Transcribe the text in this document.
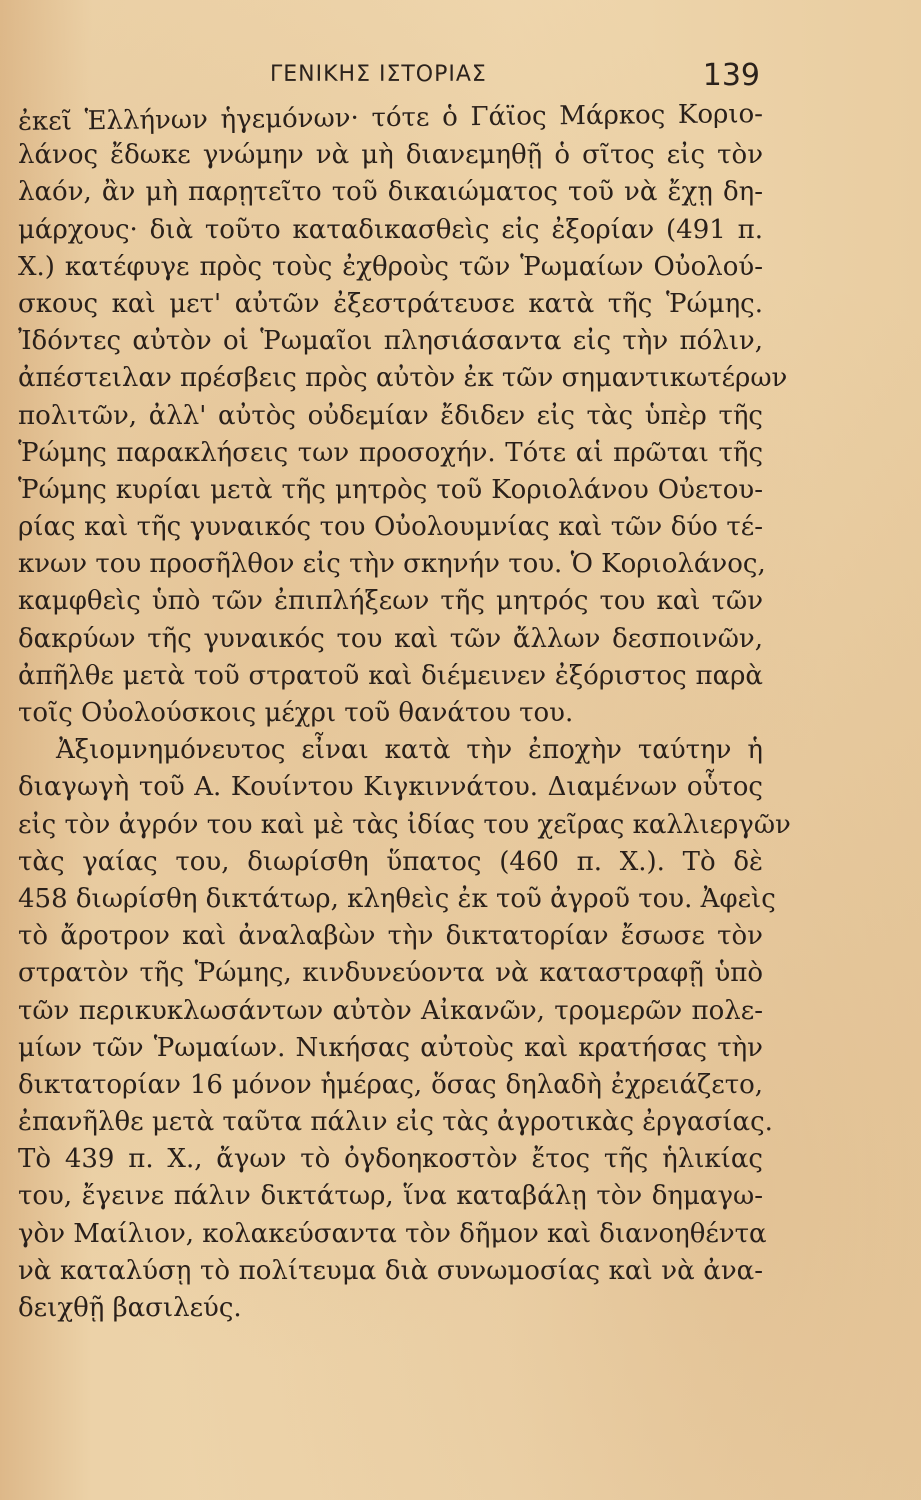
ΓΕΝΙΚΗΣ ΙΣΤΟΡΙΑΣ	139
ἐκεῖ Ἑλλήνων ἡγεμόνων· τότε ὁ Γάϊος Μάρκος Κοριο-
λάνος ἔδωκε γνώμην νὰ μὴ διανεμηθῇ ὁ σῖτος εἰς τὸν
λαόν, ἂν μὴ παρῃτεῖτο τοῦ δικαιώματος τοῦ νὰ ἔχῃ δη-
μάρχους· διὰ τοῦτο καταδικασθεὶς εἰς ἐξορίαν (491 π.
Χ.) κατέφυγε πρὸς τοὺς ἐχθροὺς τῶν Ῥωμαίων Οὐολού-
σκους καὶ μετ' αὐτῶν ἐξεστράτευσε κατὰ τῆς Ῥώμης.
Ἰδόντες αὐτὸν οἱ Ῥωμαῖοι πλησιάσαντα εἰς τὴν πόλιν,
ἀπέστειλαν πρέσβεις πρὸς αὐτὸν ἐκ τῶν σημαντικωτέρων
πολιτῶν, ἀλλ' αὐτὸς οὐδεμίαν ἔδιδεν εἰς τὰς ὑπὲρ τῆς
Ῥώμης παρακλήσεις των προσοχήν. Τότε αἱ πρῶται τῆς
Ῥώμης κυρίαι μετὰ τῆς μητρὸς τοῦ Κοριολάνου Οὐετου-
ρίας καὶ τῆς γυναικός του Οὐολουμνίας καὶ τῶν δύο τέ-
κνων του προσῆλθον εἰς τὴν σκηνήν του. Ὁ Κοριολάνος,
καμφθεὶς ὑπὸ τῶν ἐπιπλήξεων τῆς μητρός του καὶ τῶν
δακρύων τῆς γυναικός του καὶ τῶν ἄλλων δεσποινῶν,
ἀπῆλθε μετὰ τοῦ στρατοῦ καὶ διέμεινεν ἐξόριστος παρὰ
τοῖς Οὐολούσκοις μέχρι τοῦ θανάτου του.
Ἀξιομνημόνευτος εἶναι κατὰ τὴν ἐποχὴν ταύτην ἡ
διαγωγὴ τοῦ Α. Κουίντου Κιγκιννάτου. Διαμένων οὗτος
εἰς τὸν ἀγρόν του καὶ μὲ τὰς ἰδίας του χεῖρας καλλιεργῶν
τὰς γαίας του, διωρίσθη ὕπατος (460 π. Χ.). Τὸ δὲ
458 διωρίσθη δικτάτωρ, κληθεὶς ἐκ τοῦ ἀγροῦ του. Ἀφεὶς
τὸ ἄροτρον καὶ ἀναλαβὼν τὴν δικτατορίαν ἔσωσε τὸν
στρατὸν τῆς Ῥώμης, κινδυνεύοντα νὰ καταστραφῇ ὑπὸ
τῶν περικυκλωσάντων αὐτὸν Αἰκανῶν, τρομερῶν πολε-
μίων τῶν Ῥωμαίων. Νικήσας αὐτοὺς καὶ κρατήσας τὴν
δικτατορίαν 16 μόνον ἡμέρας, ὅσας δηλαδὴ ἐχρειάζετο,
ἐπανῆλθε μετὰ ταῦτα πάλιν εἰς τὰς ἀγροτικὰς ἐργασίας.
Τὸ 439 π. Χ., ἄγων τὸ ὀγδοηκοστὸν ἔτος τῆς ἡλικίας
του, ἔγεινε πάλιν δικτάτωρ, ἵνα καταβάλῃ τὸν δημαγω-
γὸν Μαίλιον, κολακεύσαντα τὸν δῆμον καὶ διανοηθέντα
νὰ καταλύσῃ τὸ πολίτευμα διὰ συνωμοσίας καὶ νὰ ἀνα-
δειχθῇ βασιλεύς.
